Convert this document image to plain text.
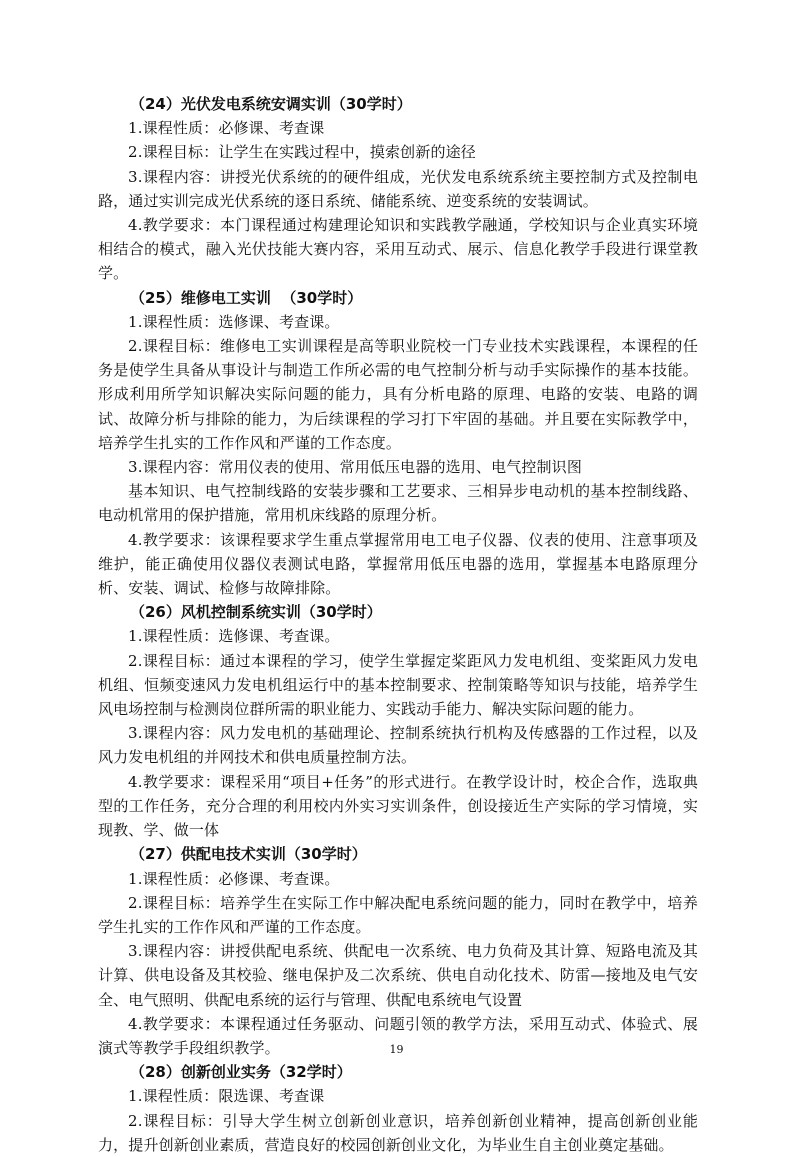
（24）光伏发电系统安调实训（30学时）

1.课程性质：必修课、考查课

2.课程目标：让学生在实践过程中，摸索创新的途径

3.课程内容：讲授光伏系统的的硬件组成，光伏发电系统系统主要控制方式及控制电路，通过实训完成光伏系统的逐日系统、储能系统、逆变系统的安装调试。

4.教学要求：本门课程通过构建理论知识和实践教学融通，学校知识与企业真实环境相结合的模式，融入光伏技能大赛内容，采用互动式、展示、信息化教学手段进行课堂教学。

（25）维修电工实训  （30学时）

1.课程性质：选修课、考查课。

2.课程目标：维修电工实训课程是高等职业院校一门专业技术实践课程，本课程的任务是使学生具备从事设计与制造工作所必需的电气控制分析与动手实际操作的基本技能。形成利用所学知识解决实际问题的能力，具有分析电路的原理、电路的安装、电路的调试、故障分析与排除的能力，为后续课程的学习打下牢固的基础。并且要在实际教学中，培养学生扎实的工作作风和严谨的工作态度。

3.课程内容：常用仪表的使用、常用低压电器的选用、电气控制识图

基本知识、电气控制线路的安装步骤和工艺要求、三相异步电动机的基本控制线路、电动机常用的保护措施，常用机床线路的原理分析。

4.教学要求：该课程要求学生重点掌握常用电工电子仪器、仪表的使用、注意事项及维护，能正确使用仪器仪表测试电路，掌握常用低压电器的选用，掌握基本电路原理分析、安装、调试、检修与故障排除。

（26）风机控制系统实训（30学时）

1.课程性质：选修课、考查课。

2.课程目标：通过本课程的学习，使学生掌握定桨距风力发电机组、变桨距风力发电机组、恒频变速风力发电机组运行中的基本控制要求、控制策略等知识与技能，培养学生风电场控制与检测岗位群所需的职业能力、实践动手能力、解决实际问题的能力。

3.课程内容：风力发电机的基础理论、控制系统执行机构及传感器的工作过程，以及风力发电机组的并网技术和供电质量控制方法。

4.教学要求：课程采用“项目+任务”的形式进行。在教学设计时，校企合作，选取典型的工作任务，充分合理的利用校内外实习实训条件，创设接近生产实际的学习情境，实现教、学、做一体

（27）供配电技术实训（30学时）

1.课程性质：必修课、考查课。

2.课程目标：培养学生在实际工作中解决配电系统问题的能力，同时在教学中，培养学生扎实的工作作风和严谨的工作态度。

3.课程内容：讲授供配电系统、供配电一次系统、电力负荷及其计算、短路电流及其计算、供电设备及其校验、继电保护及二次系统、供电自动化技术、防雷—接地及电气安全、电气照明、供配电系统的运行与管理、供配电系统电气设置

4.教学要求：本课程通过任务驱动、问题引领的教学方法，采用互动式、体验式、展演式等教学手段组织教学。

（28）创新创业实务（32学时）

1.课程性质：限选课、考查课

2.课程目标：引导大学生树立创新创业意识，培养创新创业精神，提高创新创业能力，提升创新创业素质，营造良好的校园创新创业文化，为毕业生自主创业奠定基础。

19
